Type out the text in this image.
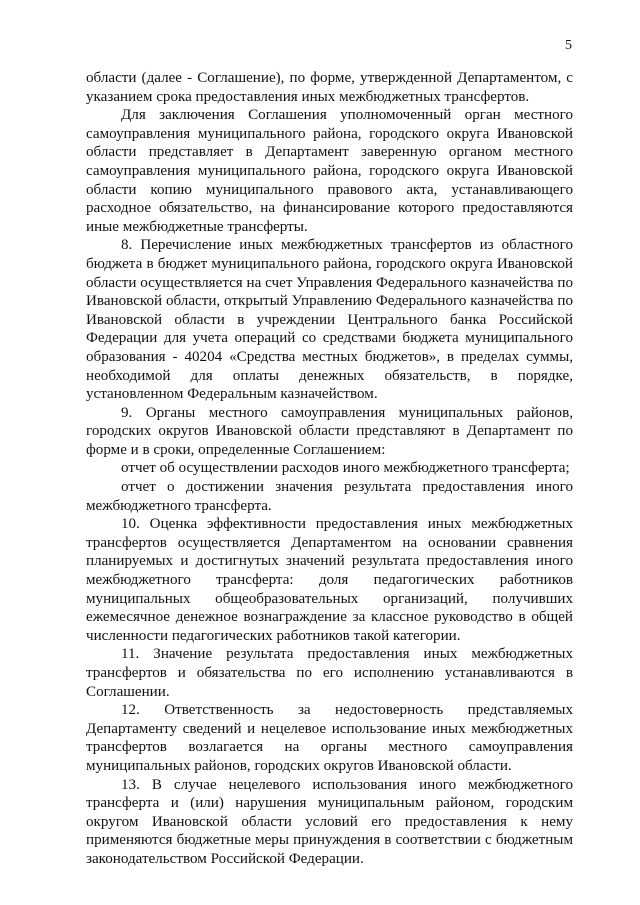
5

области (далее - Соглашение), по форме, утвержденной Департаментом, с указанием срока предоставления иных межбюджетных трансфертов.

Для заключения Соглашения уполномоченный орган местного самоуправления муниципального района, городского округа Ивановской области представляет в Департамент заверенную органом местного самоуправления муниципального района, городского округа Ивановской области копию муниципального правового акта, устанавливающего расходное обязательство, на финансирование которого предоставляются иные межбюджетные трансферты.

8. Перечисление иных межбюджетных трансфертов из областного бюджета в бюджет муниципального района, городского округа Ивановской области осуществляется на счет Управления Федерального казначейства по Ивановской области, открытый Управлению Федерального казначейства по Ивановской области в учреждении Центрального банка Российской Федерации для учета операций со средствами бюджета муниципального образования - 40204 «Средства местных бюджетов», в пределах суммы, необходимой для оплаты денежных обязательств, в порядке, установленном Федеральным казначейством.

9. Органы местного самоуправления муниципальных районов, городских округов Ивановской области представляют в Департамент по форме и в сроки, определенные Соглашением:

отчет об осуществлении расходов иного межбюджетного трансферта;

отчет о достижении значения результата предоставления иного межбюджетного трансферта.

10. Оценка эффективности предоставления иных межбюджетных трансфертов осуществляется Департаментом на основании сравнения планируемых и достигнутых значений результата предоставления иного межбюджетного трансферта: доля педагогических работников муниципальных общеобразовательных организаций, получивших ежемесячное денежное вознаграждение за классное руководство в общей численности педагогических работников такой категории.

11. Значение результата предоставления иных межбюджетных трансфертов и обязательства по его исполнению устанавливаются в Соглашении.

12. Ответственность за недостоверность представляемых Департаменту сведений и нецелевое использование иных межбюджетных трансфертов возлагается на органы местного самоуправления муниципальных районов, городских округов Ивановской области.

13. В случае нецелевого использования иного межбюджетного трансферта и (или) нарушения муниципальным районом, городским округом Ивановской области условий его предоставления к нему применяются бюджетные меры принуждения в соответствии с бюджетным законодательством Российской Федерации.
